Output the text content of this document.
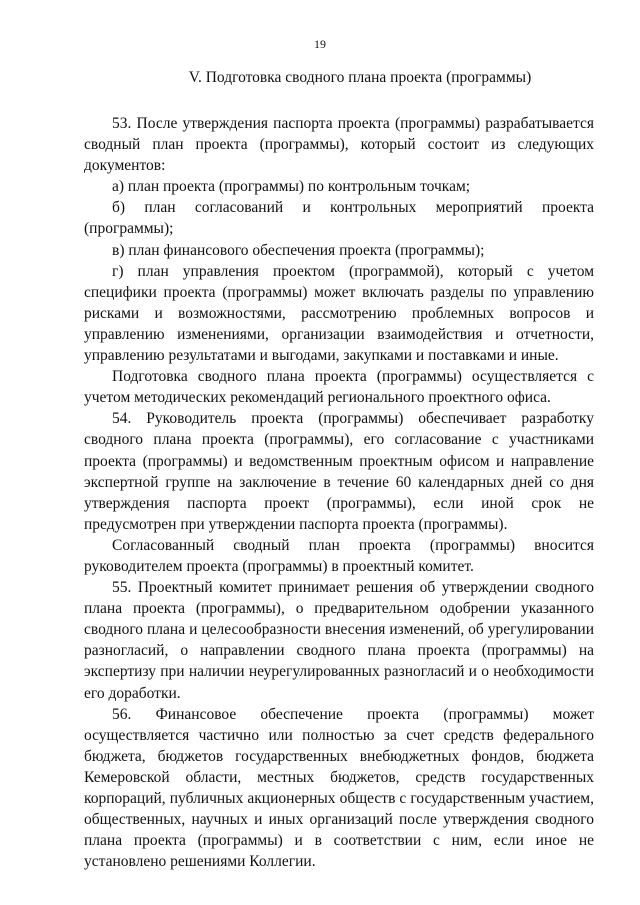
19
V. Подготовка сводного плана проекта (программы)

53. После утверждения паспорта проекта (программы) разрабатывается сводный план проекта (программы), который состоит из следующих документов:

а) план проекта (программы) по контрольным точкам;

б) план согласований и контрольных мероприятий проекта (программы);

в) план финансового обеспечения проекта (программы);

г) план управления проектом (программой), который с учетом специфики проекта (программы) может включать разделы по управлению рисками и возможностями, рассмотрению проблемных вопросов и управлению изменениями, организации взаимодействия и отчетности, управлению результатами и выгодами, закупками и поставками и иные.

Подготовка сводного плана проекта (программы) осуществляется с учетом методических рекомендаций регионального проектного офиса.

54. Руководитель проекта (программы) обеспечивает разработку сводного плана проекта (программы), его согласование с участниками проекта (программы) и ведомственным проектным офисом и направление экспертной группе на заключение в течение 60 календарных дней со дня утверждения паспорта проект (программы), если иной срок не предусмотрен при утверждении паспорта проекта (программы).

Согласованный сводный план проекта (программы) вносится руководителем проекта (программы) в проектный комитет.

55. Проектный комитет принимает решения об утверждении сводного плана проекта (программы), о предварительном одобрении указанного сводного плана и целесообразности внесения изменений, об урегулировании разногласий, о направлении сводного плана проекта (программы) на экспертизу при наличии неурегулированных разногласий и о необходимости его доработки.

56. Финансовое обеспечение проекта (программы) может осуществляется частично или полностью за счет средств федерального бюджета, бюджетов государственных внебюджетных фондов, бюджета Кемеровской области, местных бюджетов, средств государственных корпораций, публичных акционерных обществ с государственным участием, общественных, научных и иных организаций после утверждения сводного плана проекта (программы) и в соответствии с ним, если иное не установлено решениями Коллегии.
